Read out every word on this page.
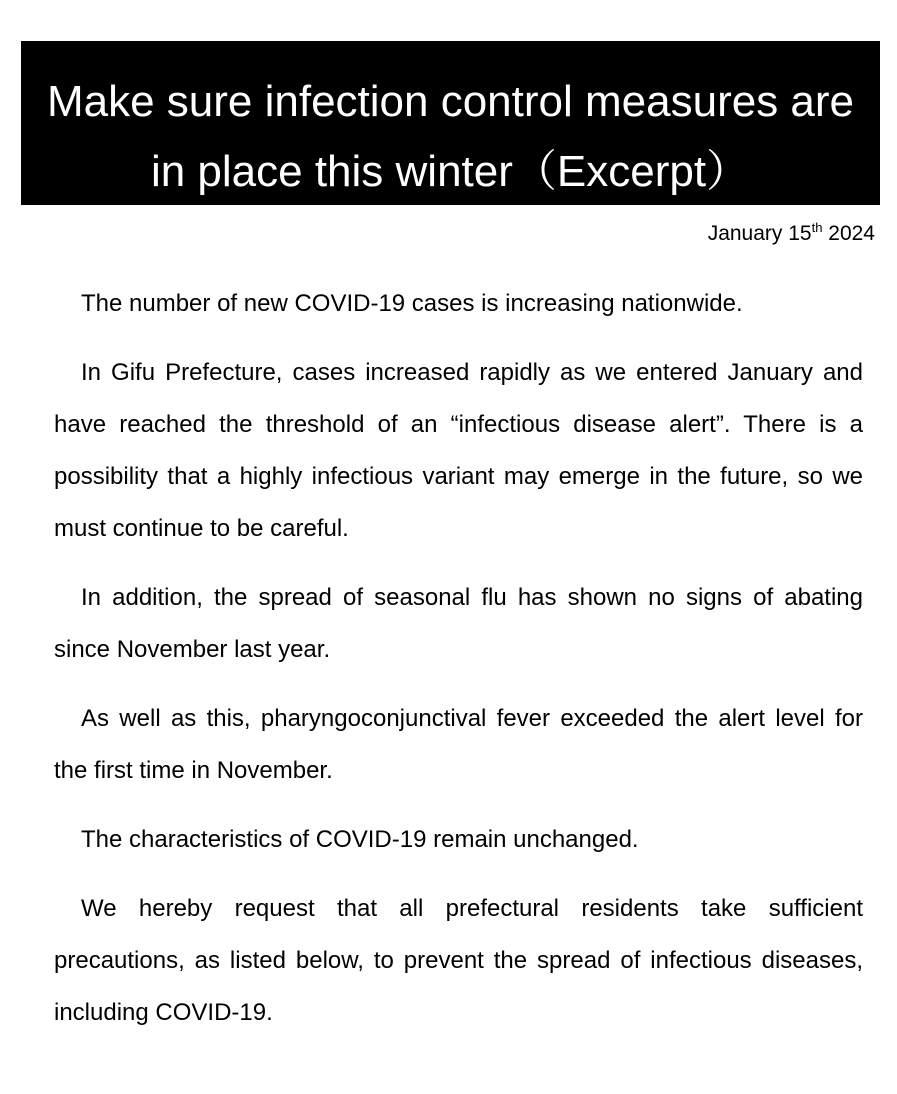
Make sure infection control measures are
in place this winter（Excerpt）
January 15th 2024

The number of new COVID-19 cases is increasing nationwide.

In Gifu Prefecture, cases increased rapidly as we entered January and have reached the threshold of an “infectious disease alert”. There is a possibility that a highly infectious variant may emerge in the future, so we must continue to be careful.

In addition, the spread of seasonal flu has shown no signs of abating since November last year.

As well as this, pharyngoconjunctival fever exceeded the alert level for the first time in November.

The characteristics of COVID-19 remain unchanged.

We hereby request that all prefectural residents take sufficient precautions, as listed below, to prevent the spread of infectious diseases, including COVID-19.
